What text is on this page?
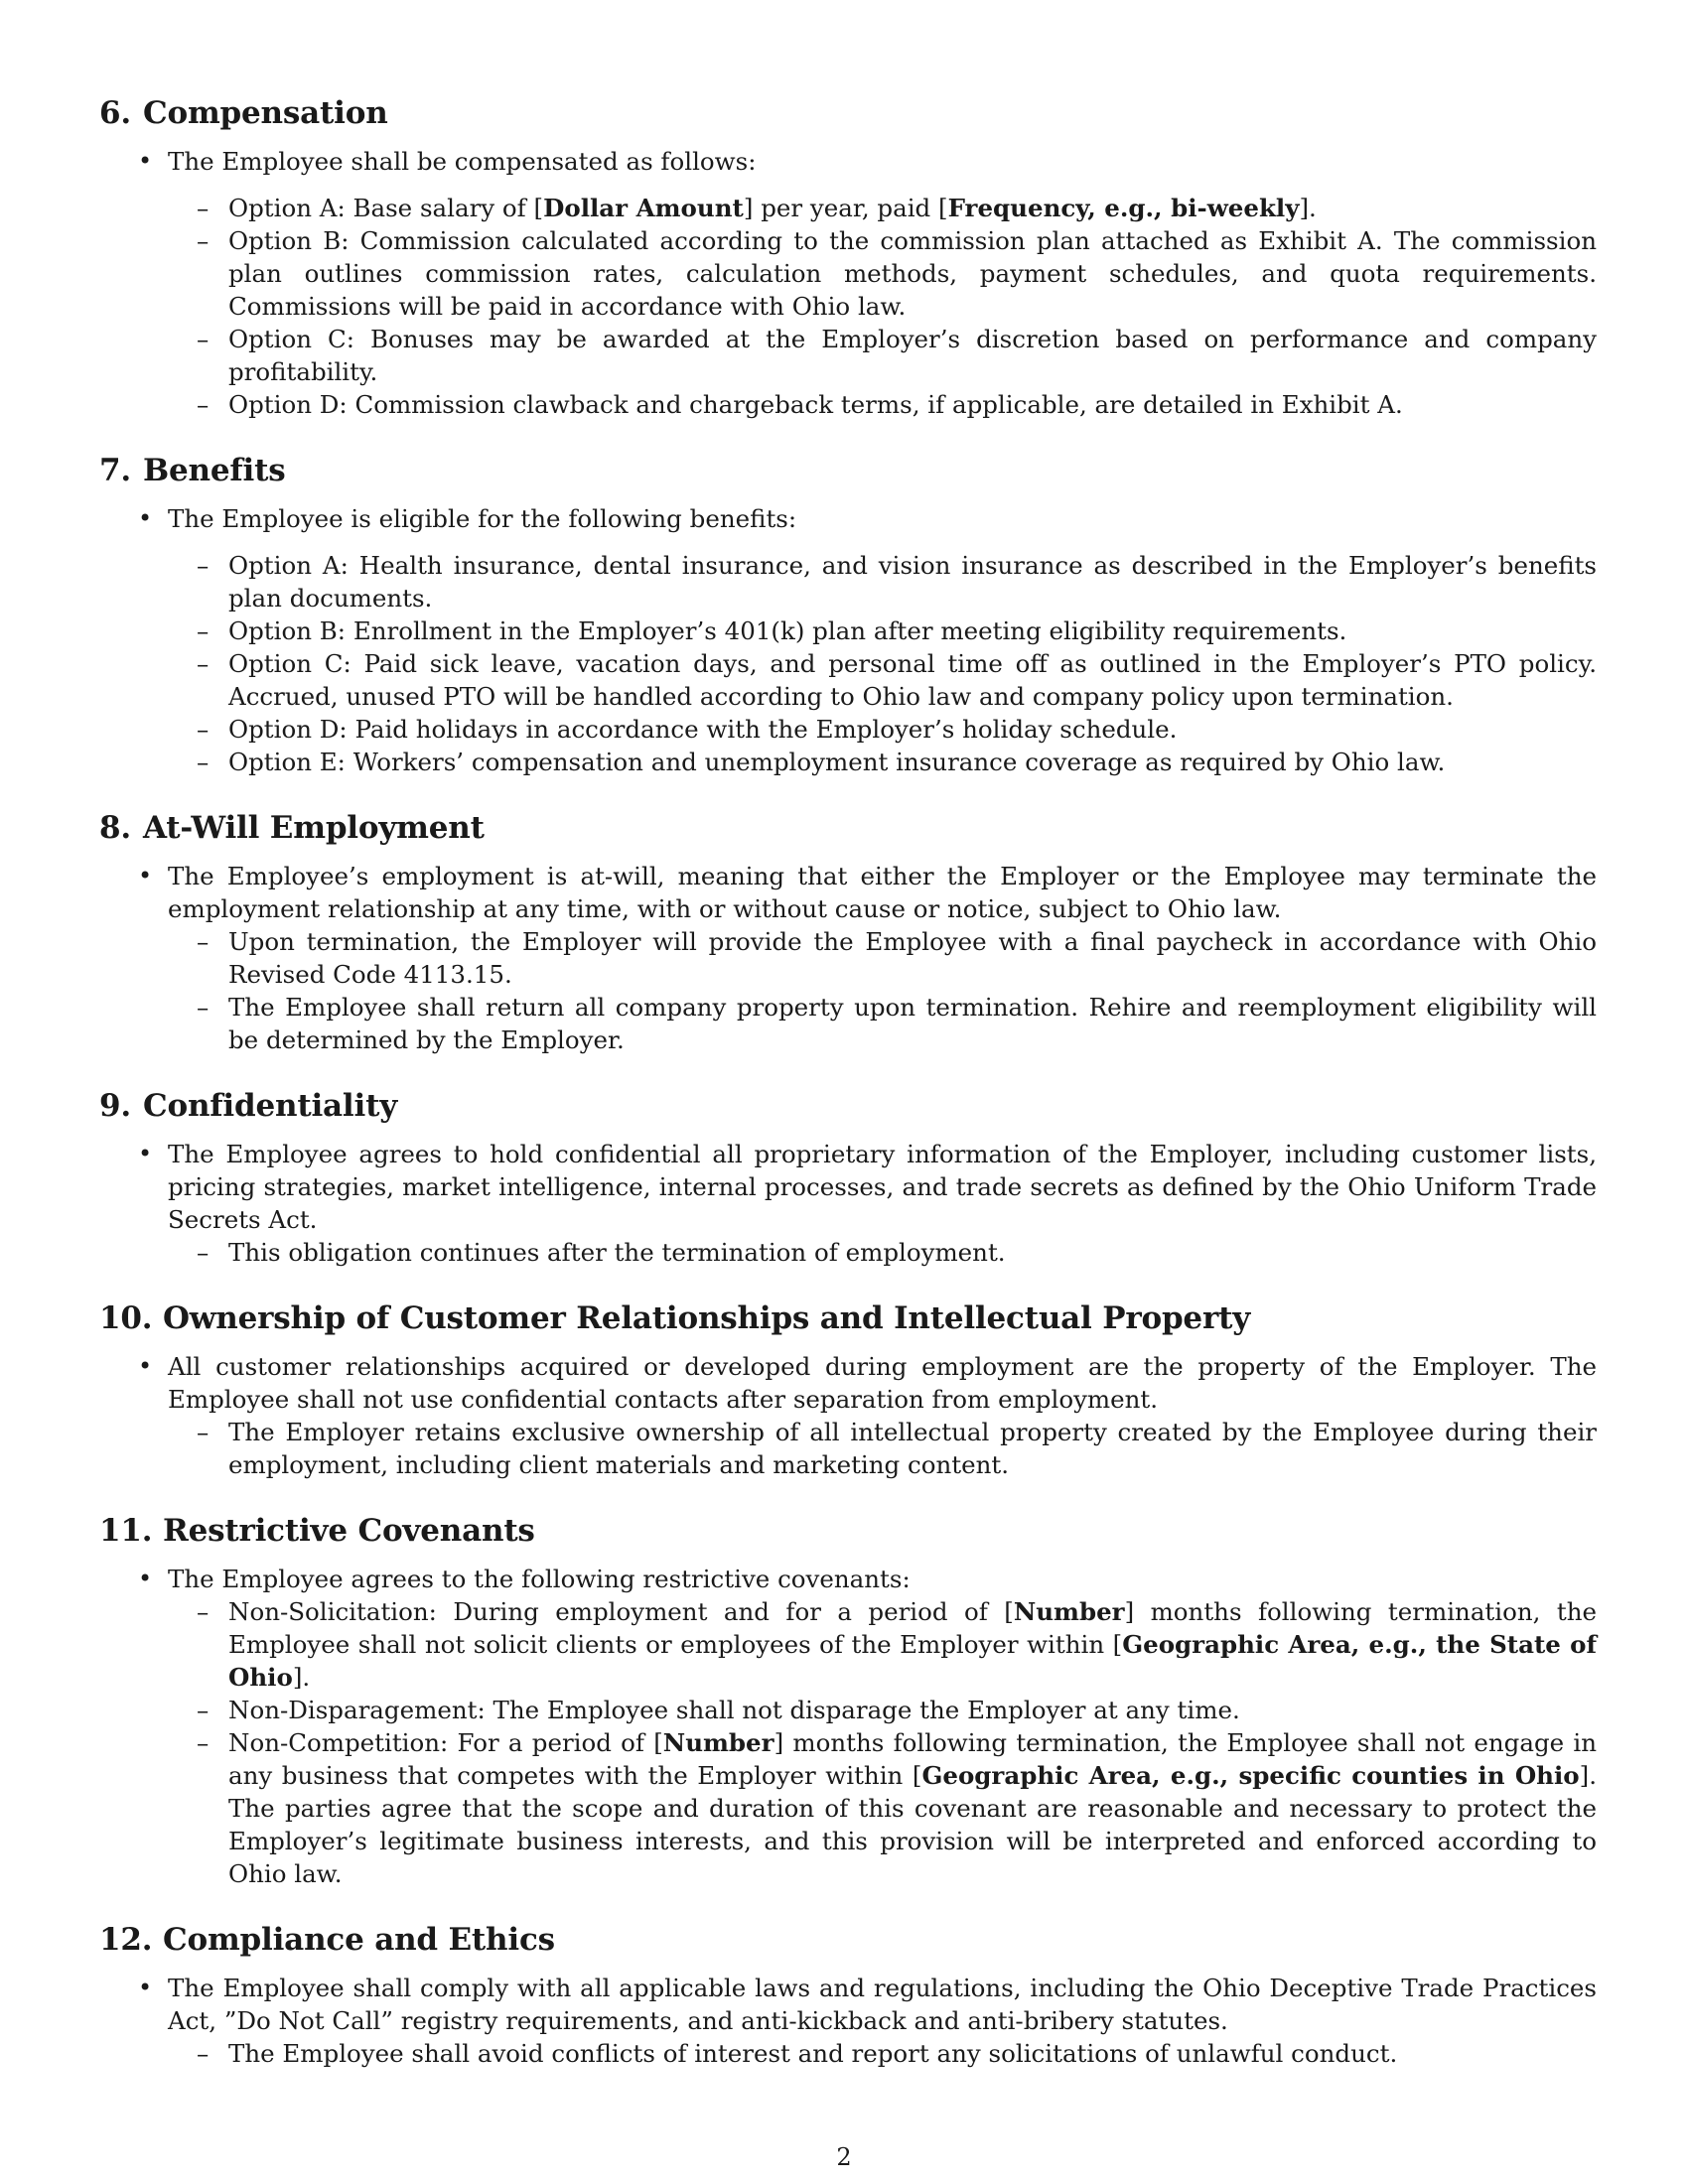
6. Compensation
• The Employee shall be compensated as follows:
– Option A: Base salary of [Dollar Amount] per year, paid [Frequency, e.g., bi-weekly].
– Option B: Commission calculated according to the commission plan attached as Exhibit A. The commission plan outlines commission rates, calculation methods, payment schedules, and quota requirements. Commissions will be paid in accordance with Ohio law.
– Option C: Bonuses may be awarded at the Employer’s discretion based on performance and company profitability.
– Option D: Commission clawback and chargeback terms, if applicable, are detailed in Exhibit A.
7. Benefits
• The Employee is eligible for the following benefits:
– Option A: Health insurance, dental insurance, and vision insurance as described in the Employer’s benefits plan documents.
– Option B: Enrollment in the Employer’s 401(k) plan after meeting eligibility requirements.
– Option C: Paid sick leave, vacation days, and personal time off as outlined in the Employer’s PTO policy. Accrued, unused PTO will be handled according to Ohio law and company policy upon termination.
– Option D: Paid holidays in accordance with the Employer’s holiday schedule.
– Option E: Workers’ compensation and unemployment insurance coverage as required by Ohio law.
8. At-Will Employment
• The Employee’s employment is at-will, meaning that either the Employer or the Employee may terminate the employment relationship at any time, with or without cause or notice, subject to Ohio law.
– Upon termination, the Employer will provide the Employee with a final paycheck in accordance with Ohio Revised Code 4113.15.
– The Employee shall return all company property upon termination. Rehire and reemployment eligibility will be determined by the Employer.
9. Confidentiality
• The Employee agrees to hold confidential all proprietary information of the Employer, including customer lists, pricing strategies, market intelligence, internal processes, and trade secrets as defined by the Ohio Uniform Trade Secrets Act.
– This obligation continues after the termination of employment.
10. Ownership of Customer Relationships and Intellectual Property
• All customer relationships acquired or developed during employment are the property of the Employer. The Employee shall not use confidential contacts after separation from employment.
– The Employer retains exclusive ownership of all intellectual property created by the Employee during their employment, including client materials and marketing content.
11. Restrictive Covenants
• The Employee agrees to the following restrictive covenants:
– Non-Solicitation: During employment and for a period of [Number] months following termination, the Employee shall not solicit clients or employees of the Employer within [Geographic Area, e.g., the State of Ohio].
– Non-Disparagement: The Employee shall not disparage the Employer at any time.
– Non-Competition: For a period of [Number] months following termination, the Employee shall not engage in any business that competes with the Employer within [Geographic Area, e.g., specific counties in Ohio]. The parties agree that the scope and duration of this covenant are reasonable and necessary to protect the Employer’s legitimate business interests, and this provision will be interpreted and enforced according to Ohio law.
12. Compliance and Ethics
• The Employee shall comply with all applicable laws and regulations, including the Ohio Deceptive Trade Practices Act, ”Do Not Call” registry requirements, and anti-kickback and anti-bribery statutes.
– The Employee shall avoid conflicts of interest and report any solicitations of unlawful conduct.
2
